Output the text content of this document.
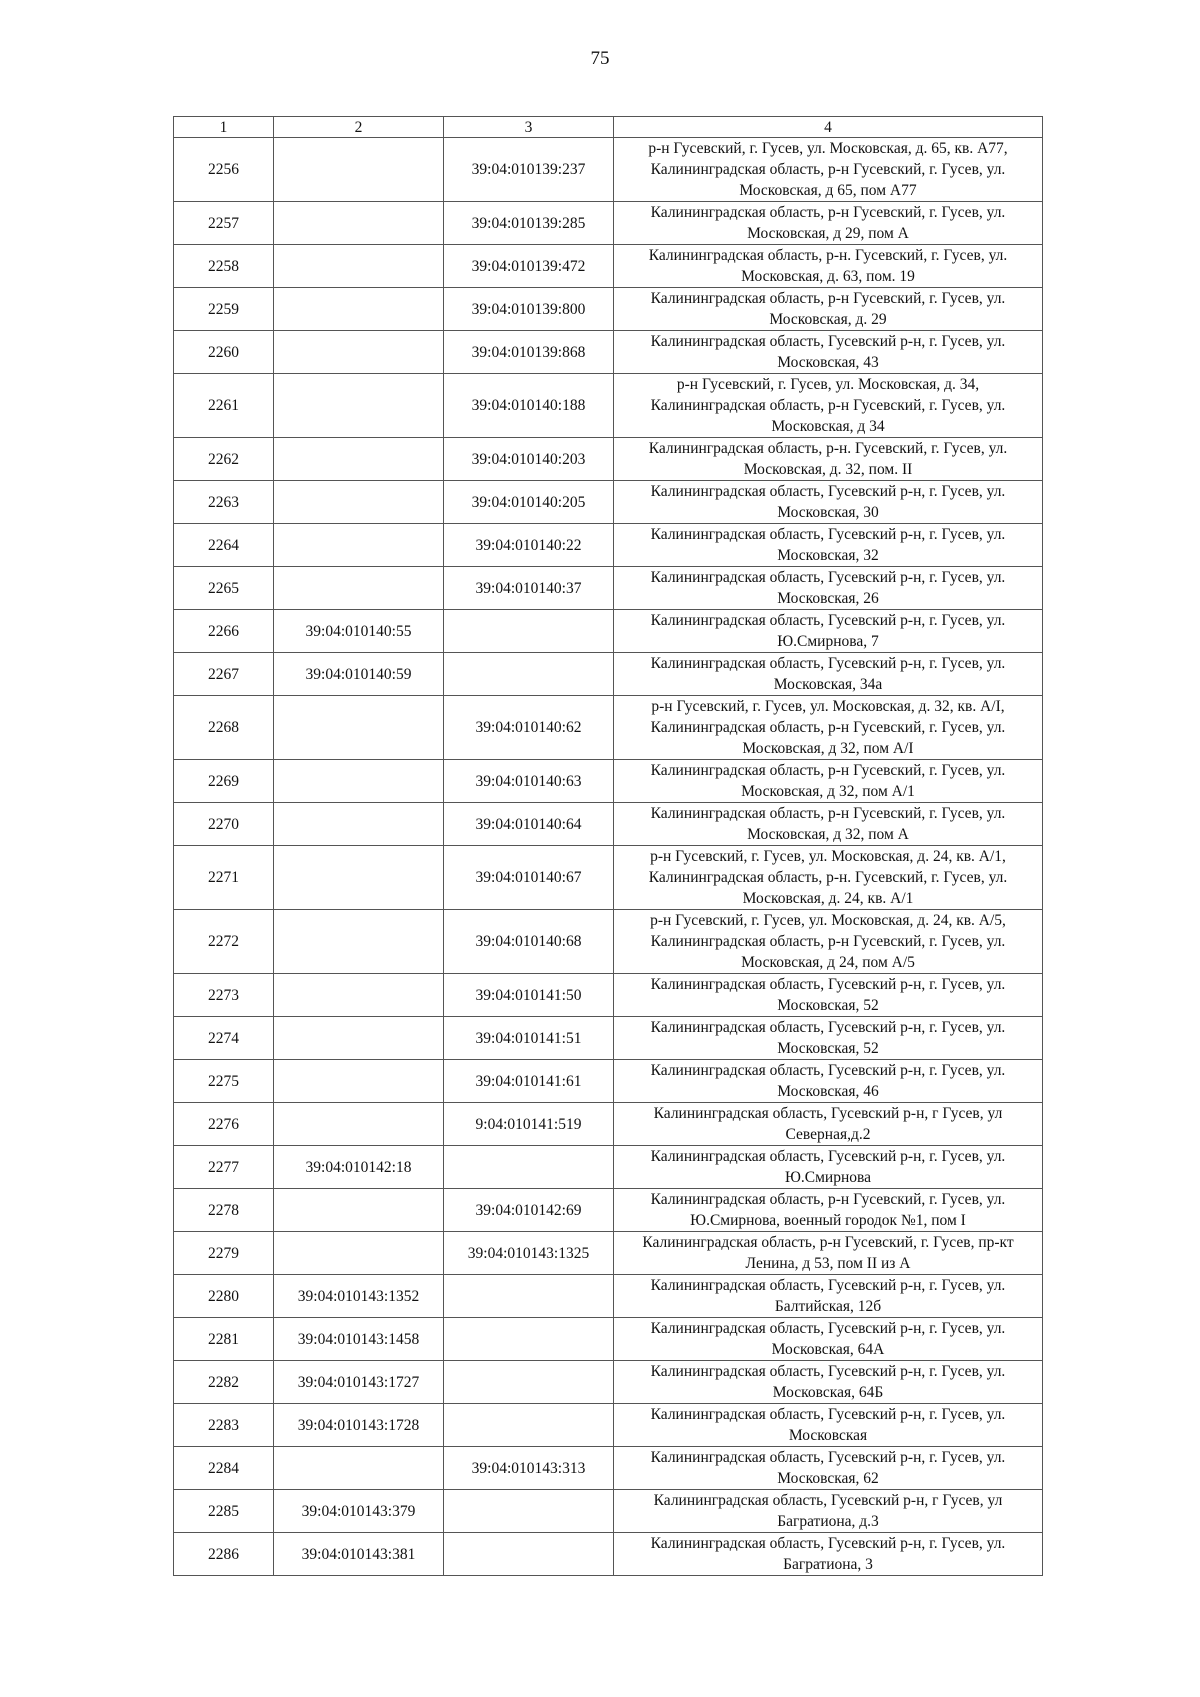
75
1	2	3	4
2256		39:04:010139:237	р-н Гусевский, г. Гусев, ул. Московская, д. 65, кв. А77, Калининградская область, р-н Гусевский, г. Гусев, ул. Московская, д 65, пом А77
2257		39:04:010139:285	Калининградская область, р-н Гусевский, г. Гусев, ул. Московская, д 29, пом А
2258		39:04:010139:472	Калининградская область, р-н. Гусевский, г. Гусев, ул. Московская, д. 63, пом. 19
2259		39:04:010139:800	Калининградская область, р-н Гусевский, г. Гусев, ул. Московская, д. 29
2260		39:04:010139:868	Калининградская область, Гусевский р-н, г. Гусев, ул. Московская, 43
2261		39:04:010140:188	р-н Гусевский, г. Гусев, ул. Московская, д. 34, Калининградская область, р-н Гусевский, г. Гусев, ул. Московская, д 34
2262		39:04:010140:203	Калининградская область, р-н. Гусевский, г. Гусев, ул. Московская, д. 32, пом. II
2263		39:04:010140:205	Калининградская область, Гусевский р-н, г. Гусев, ул. Московская, 30
2264		39:04:010140:22	Калининградская область, Гусевский р-н, г. Гусев, ул. Московская, 32
2265		39:04:010140:37	Калининградская область, Гусевский р-н, г. Гусев, ул. Московская, 26
2266	39:04:010140:55		Калининградская область, Гусевский р-н, г. Гусев, ул. Ю.Смирнова, 7
2267	39:04:010140:59		Калининградская область, Гусевский р-н, г. Гусев, ул. Московская, 34а
2268		39:04:010140:62	р-н Гусевский, г. Гусев, ул. Московская, д. 32, кв. А/I, Калининградская область, р-н Гусевский, г. Гусев, ул. Московская, д 32, пом А/I
2269		39:04:010140:63	Калининградская область, р-н Гусевский, г. Гусев, ул. Московская, д 32, пом А/1
2270		39:04:010140:64	Калининградская область, р-н Гусевский, г. Гусев, ул. Московская, д 32, пом А
2271		39:04:010140:67	р-н Гусевский, г. Гусев, ул. Московская, д. 24, кв. А/1, Калининградская область, р-н. Гусевский, г. Гусев, ул. Московская, д. 24, кв. А/1
2272		39:04:010140:68	р-н Гусевский, г. Гусев, ул. Московская, д. 24, кв. А/5, Калининградская область, р-н Гусевский, г. Гусев, ул. Московская, д 24, пом А/5
2273		39:04:010141:50	Калининградская область, Гусевский р-н, г. Гусев, ул. Московская, 52
2274		39:04:010141:51	Калининградская область, Гусевский р-н, г. Гусев, ул. Московская, 52
2275		39:04:010141:61	Калининградская область, Гусевский р-н, г. Гусев, ул. Московская, 46
2276		9:04:010141:519	Калининградская область, Гусевский р-н, г Гусев, ул Северная,д.2
2277	39:04:010142:18		Калининградская область, Гусевский р-н, г. Гусев, ул. Ю.Смирнова
2278		39:04:010142:69	Калининградская область, р-н Гусевский, г. Гусев, ул. Ю.Смирнова, военный городок №1, пом I
2279		39:04:010143:1325	Калининградская область, р-н Гусевский, г. Гусев, пр-кт Ленина, д 53, пом II из А
2280	39:04:010143:1352		Калининградская область, Гусевский р-н, г. Гусев, ул. Балтийская, 12б
2281	39:04:010143:1458		Калининградская область, Гусевский р-н, г. Гусев, ул. Московская, 64А
2282	39:04:010143:1727		Калининградская область, Гусевский р-н, г. Гусев, ул. Московская, 64Б
2283	39:04:010143:1728		Калининградская область, Гусевский р-н, г. Гусев, ул. Московская
2284		39:04:010143:313	Калининградская область, Гусевский р-н, г. Гусев, ул. Московская, 62
2285	39:04:010143:379		Калининградская область, Гусевский р-н, г Гусев, ул Багратиона, д.3
2286	39:04:010143:381		Калининградская область, Гусевский р-н, г. Гусев, ул. Багратиона, 3
